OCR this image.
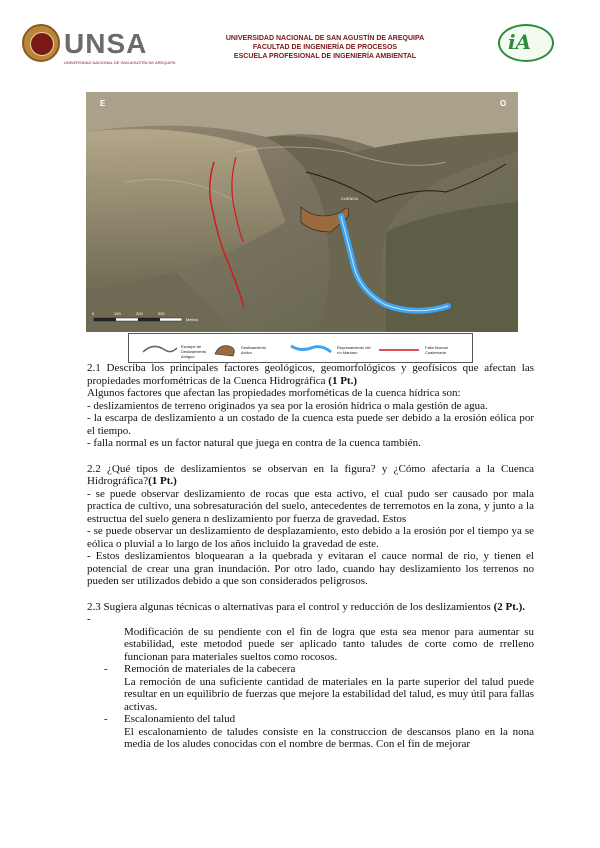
UNSA
UNIVERSIDAD NACIONAL DE SAN AGUSTÍN DE AREQUIPA
UNIVERSIDAD NACIONAL DE SAN AGUSTÍN DE AREQUIPA
FACULTAD DE INGENIERÍA DE PROCESOS
ESCUELA PROFESIONAL DE INGENIERÍA AMBIENTAL
iA
E	O
CUENCA
0	100	200	300
Metros
Escarpe de Deslizamiento Antiguo
Deslizamiento Activo
Represamiento del río Mantaro
Falla Normal Cuaternaria

2.1 Describa los principales factores geológicos, geomorfológicos y geofísicos que afectan las propiedades morfométricas de la Cuenca Hidrográfica (1 Pt.)

Algunos factores que afectan las propiedades morfométicas de la cuenca hídrica son:

- deslizamientos de terreno originados ya sea por la erosión hídrica o mala gestión de agua.

- la escarpa de deslizamiento a un costado de la cuenca esta puede ser debido a la erosión eólica por el tiempo.

- falla normal es un factor natural que juega en contra de la cuenca también.

2.2 ¿Qué tipos de deslizamientos se observan en la figura? y ¿Cómo afectaría a la Cuenca Hidrográfica?(1 Pt.)

- se puede observar deslizamiento de rocas que esta activo, el cual pudo ser causado por mala practica de cultivo, una sobresaturación del suelo, antecedentes de terremotos en la zona, y junto a la estructua del suelo genera n deslizamiento por fuerza de gravedad. Estos

- se puede observar un deslizamiento de desplazamiento, esto debido a la erosión por el tiempo ya se eólica o pluvial a lo largo de los años incluido la gravedad de este.

- Estos deslizamientos bloquearan a la quebrada y evitaran el cauce normal de rio, y tienen el potencial de crear una gran inundación. Por otro lado, cuando hay deslizamiento los terrenos no pueden ser utilizados debido a que son considerados peligrosos.

2.3 Sugiera algunas técnicas o alternativas para el control y reducción de los deslizamientos (2 Pt.).

-

Modificación de su pendiente con el fin de logra que esta sea menor para aumentar su estabilidad, este metodod puede ser aplicado tanto taludes de corte como de rrelleno funcionan para materiales sueltos como rocosos.

- Remoción de materiales de la cabecera

La remoción de una suficiente cantidad de materiales en la parte superior del talud puede resultar en un equilibrio de fuerzas que mejore la estabilidad del talud, es muy útil para fallas activas.

- Escalonamiento del talud

El escalonamiento de taludes consiste en la construccion de descansos plano en la nona media de los aludes conocidas con el nombre de bermas. Con el fin de mejorar
